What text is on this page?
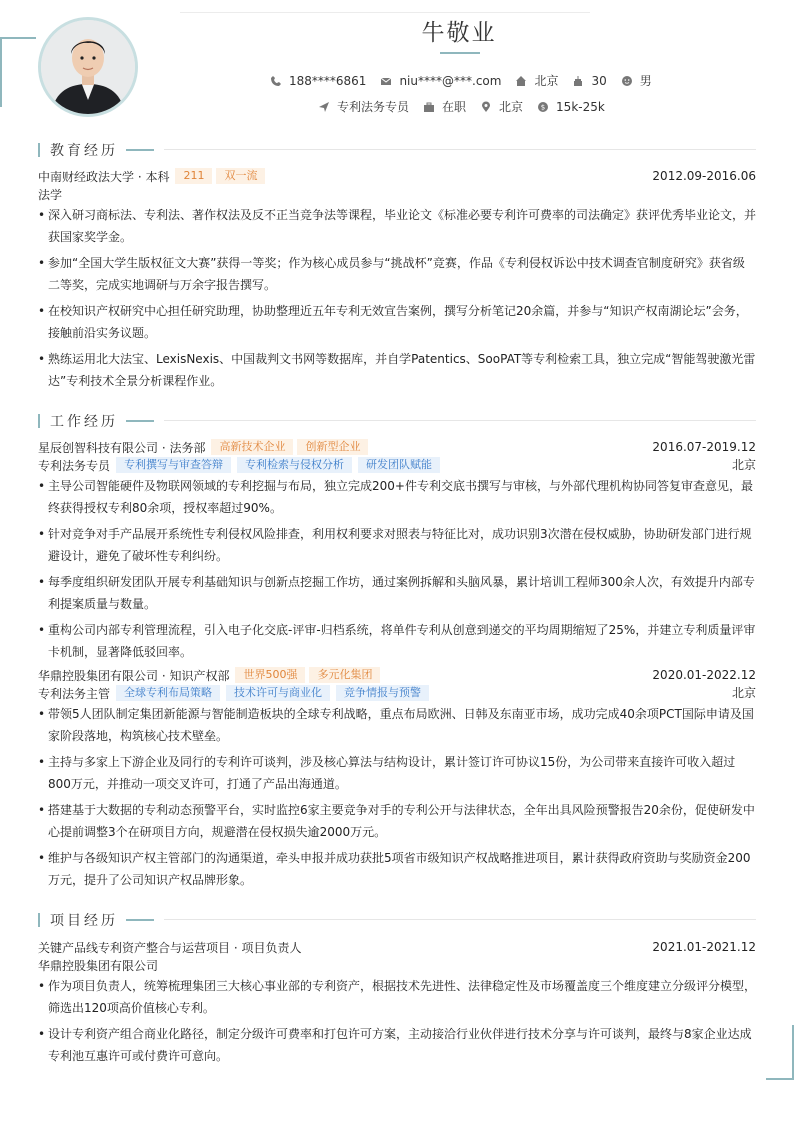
牛敬业
188****6861	niu****@***.com	北京	30	男
专利法务专员	在职	北京	$ 15k-25k
教育经历
中南财经政法大学 · 本科	211	双一流	2012.09-2016.06
法学
• 深入研习商标法、专利法、著作权法及反不正当竞争法等课程，毕业论文《标准必要专利许可费率的司法确定》获评优秀毕业论文，并获国家奖学金。
• 参加“全国大学生版权征文大赛”获得一等奖；作为核心成员参与“挑战杯”竞赛，作品《专利侵权诉讼中技术调查官制度研究》获省级二等奖，完成实地调研与万余字报告撰写。
• 在校知识产权研究中心担任研究助理，协助整理近五年专利无效宣告案例，撰写分析笔记20余篇，并参与“知识产权南湖论坛”会务，接触前沿实务议题。
• 熟练运用北大法宝、LexisNexis、中国裁判文书网等数据库，并自学Patentics、SooPAT等专利检索工具，独立完成“智能驾驶激光雷达”专利技术全景分析课程作业。
工作经历
星辰创智科技有限公司 · 法务部	高新技术企业	创新型企业	2016.07-2019.12
专利法务专员	专利撰写与审查答辩	专利检索与侵权分析	研发团队赋能	北京
• 主导公司智能硬件及物联网领域的专利挖掘与布局，独立完成200+件专利交底书撰写与审核，与外部代理机构协同答复审查意见，最终获得授权专利80余项，授权率超过90%。
• 针对竞争对手产品展开系统性专利侵权风险排查，利用权利要求对照表与特征比对，成功识别3次潜在侵权威胁，协助研发部门进行规避设计，避免了破坏性专利纠纷。
• 每季度组织研发团队开展专利基础知识与创新点挖掘工作坊，通过案例拆解和头脑风暴，累计培训工程师300余人次，有效提升内部专利提案质量与数量。
• 重构公司内部专利管理流程，引入电子化交底-评审-归档系统，将单件专利从创意到递交的平均周期缩短了25%，并建立专利质量评审卡机制，显著降低驳回率。
华鼎控股集团有限公司 · 知识产权部	世界500强	多元化集团	2020.01-2022.12
专利法务主管	全球专利布局策略	技术许可与商业化	竞争情报与预警	北京
• 带领5人团队制定集团新能源与智能制造板块的全球专利战略，重点布局欧洲、日韩及东南亚市场，成功完成40余项PCT国际申请及国家阶段落地，构筑核心技术壁垒。
• 主持与多家上下游企业及同行的专利许可谈判，涉及核心算法与结构设计，累计签订许可协议15份，为公司带来直接许可收入超过800万元，并推动一项交叉许可，打通了产品出海通道。
• 搭建基于大数据的专利动态预警平台，实时监控6家主要竞争对手的专利公开与法律状态，全年出具风险预警报告20余份，促使研发中心提前调整3个在研项目方向，规避潜在侵权损失逾2000万元。
• 维护与各级知识产权主管部门的沟通渠道，牵头申报并成功获批5项省市级知识产权战略推进项目，累计获得政府资助与奖励资金200万元，提升了公司知识产权品牌形象。
项目经历
关键产品线专利资产整合与运营项目 · 项目负责人	2021.01-2021.12
华鼎控股集团有限公司
• 作为项目负责人，统筹梳理集团三大核心事业部的专利资产，根据技术先进性、法律稳定性及市场覆盖度三个维度建立分级评分模型，筛选出120项高价值核心专利。
• 设计专利资产组合商业化路径，制定分级许可费率和打包许可方案，主动接洽行业伙伴进行技术分享与许可谈判，最终与8家企业达成专利池互惠许可或付费许可意向。
